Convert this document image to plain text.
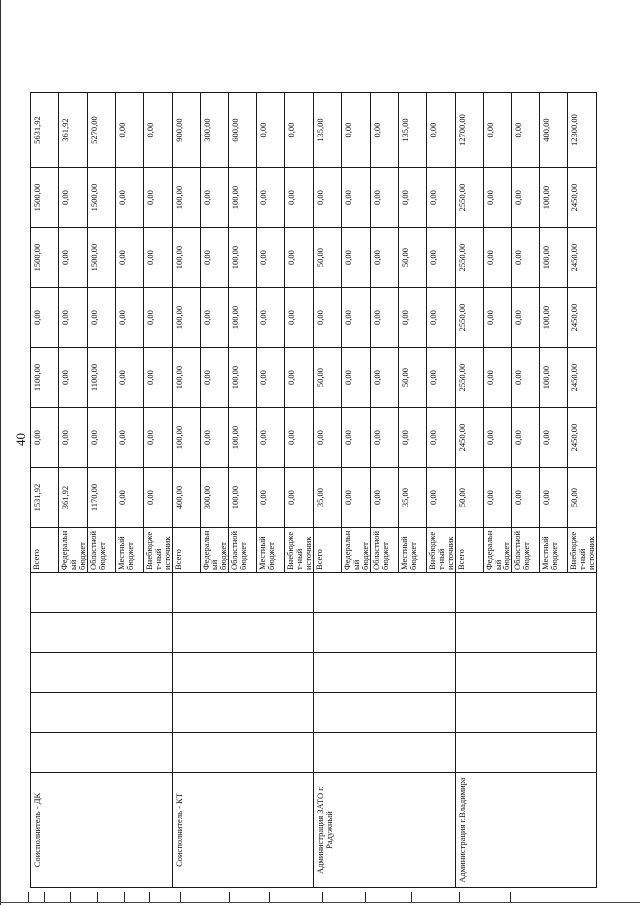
40
Соисполнитель - ДК						Всего	1531,92	0,00	1100,00	0,00	1500,00	1500,00	5631,92
						Федеральный бюджет	361,92	0,00	0,00	0,00	0,00	0,00	361,92
						Областной бюджет	1170,00	0,00	1100,00	0,00	1500,00	1500,00	5270,00
						Местный бюджет	0,00	0,00	0,00	0,00	0,00	0,00	0,00
						Внебюджет-ный источник	0,00	0,00	0,00	0,00	0,00	0,00	0,00
Соисполнитель - КТ						Всего	400,00	100,00	100,00	100,00	100,00	100,00	900,00
						Федеральный бюджет	300,00	0,00	0,00	0,00	0,00	0,00	300,00
						Областной бюджет	100,00	100,00	100,00	100,00	100,00	100,00	600,00
						Местный бюджет	0,00	0,00	0,00	0,00	0,00	0,00	0,00
						Внебюджет-ный источник	0,00	0,00	0,00	0,00	0,00	0,00	0,00
Администрация ЗАТО г. Радужный						Всего	35,00	0,00	50,00	0,00	50,00	0,00	135,00
						Федеральный бюджет	0,00	0,00	0,00	0,00	0,00	0,00	0,00
						Областной бюджет	0,00	0,00	0,00	0,00	0,00	0,00	0,00
						Местный бюджет	35,00	0,00	50,00	0,00	50,00	0,00	135,00
						Внебюджет-ный источник	0,00	0,00	0,00	0,00	0,00	0,00	0,00
Администрация г.Владимира						Всего	50,00	2450,00	2550,00	2550,00	2550,00	2550,00	12700,00
						Федеральный бюджет	0,00	0,00	0,00	0,00	0,00	0,00	0,00
						Областной бюджет	0,00	0,00	0,00	0,00	0,00	0,00	0,00
						Местный бюджет	0,00	0,00	100,00	100,00	100,00	100,00	400,00
						Внебюджет-ный источник	50,00	2450,00	2450,00	2450,00	2450,00	2450,00	12300,00
